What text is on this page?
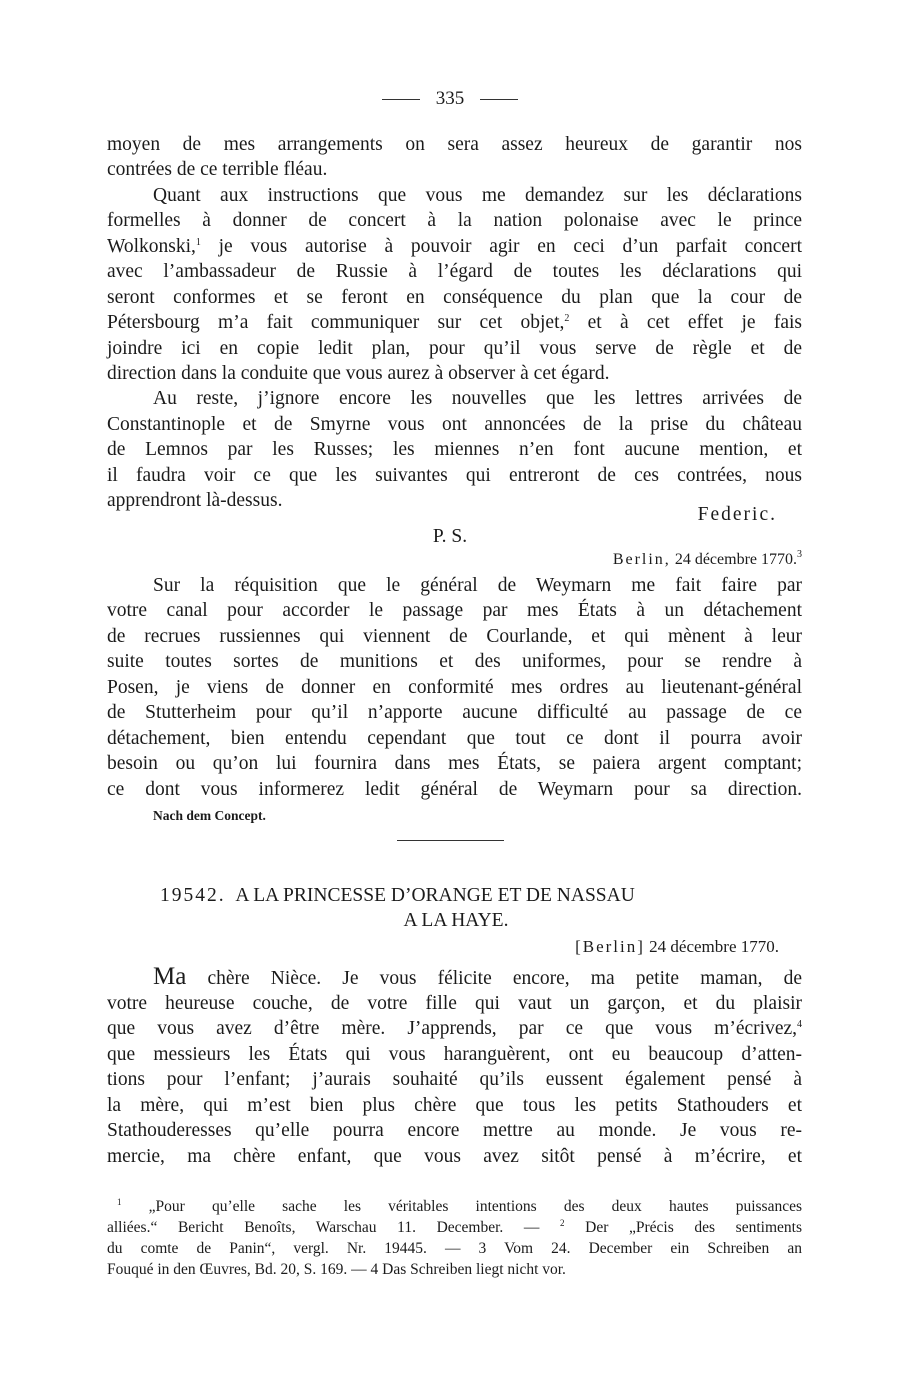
335
moyen de mes arrangements on sera assez heureux de garantir nos
contrées de ce terrible fléau.
Quant aux instructions que vous me demandez sur les déclarations
formelles à donner de concert à la nation polonaise avec le prince
Wolkonski,$^1$ je vous autorise à pouvoir agir en ceci d’un parfait concert
avec l’ambassadeur de Russie à l’égard de toutes les déclarations qui
seront conformes et se feront en conséquence du plan que la cour de
Pétersbourg m’a fait communiquer sur cet objet,$^2$ et à cet effet je fais
joindre ici en copie ledit plan, pour qu’il vous serve de règle et de
direction dans la conduite que vous aurez à observer à cet égard.
Au reste, j’ignore encore les nouvelles que les lettres arrivées de
Constantinople et de Smyrne vous ont annoncées de la prise du château
de Lemnos par les Russes; les miennes n’en font aucune mention, et
il faudra voir ce que les suivantes qui entreront de ces contrées, nous
apprendront là-dessus.
Federic.
P. S.
Berlin, 24 décembre 1770.$^3$
Sur la réquisition que le général de Weymarn me fait faire par
votre canal pour accorder le passage par mes États à un détachement
de recrues russiennes qui viennent de Courlande, et qui mènent à leur
suite toutes sortes de munitions et des uniformes, pour se rendre à
Posen, je viens de donner en conformité mes ordres au lieutenant-général
de Stutterheim pour qu’il n’apporte aucune difficulté au passage de ce
détachement, bien entendu cependant que tout ce dont il pourra avoir
besoin ou qu’on lui fournira dans mes États, se paiera argent comptant;
ce dont vous informerez ledit général de Weymarn pour sa direction.
Nach dem Concept.
19542. A LA PRINCESSE D’ORANGE ET DE NASSAU
A LA HAYE.
[Berlin] 24 décembre 1770.
Ma chère Nièce. Je vous félicite encore, ma petite maman, de
votre heureuse couche, de votre fille qui vaut un garçon, et du plaisir
que vous avez d’être mère. J’apprends, par ce que vous m’écrivez,$^4$
que messieurs les États qui vous haranguèrent, ont eu beaucoup d’atten-
tions pour l’enfant; j’aurais souhaité qu’ils eussent également pensé à
la mère, qui m’est bien plus chère que tous les petits Stathouders et
Stathouderesses qu’elle pourra encore mettre au monde. Je vous re-
mercie, ma chère enfant, que vous avez sitôt pensé à m’écrire, et
$^1$ „Pour qu’elle sache les véritables intentions des deux hautes puissances
alliées.“ Bericht Benoîts, Warschau 11. December. — $^2$ Der „Précis des sentiments
du comte de Panin“, vergl. Nr. 19445. — 3 Vom 24. December ein Schreiben an
Fouqué in den Œuvres, Bd. 20, S. 169. — 4 Das Schreiben liegt nicht vor.
